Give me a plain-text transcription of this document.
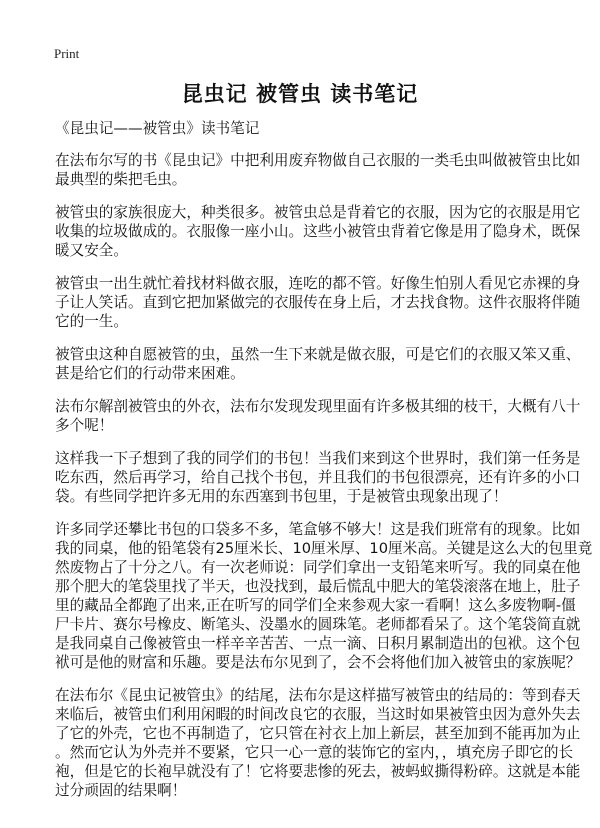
Print
昆虫记 被管虫 读书笔记
《昆虫记——被管虫》读书笔记
在法布尔写的书《昆虫记》中把利用废弃物做自己衣服的一类毛虫叫做被管虫比如
最典型的柴把毛虫。
被管虫的家族很庞大，种类很多。被管虫总是背着它的衣服，因为它的衣服是用它
收集的垃圾做成的。衣服像一座小山。这些小被管虫背着它像是用了隐身术，既保
暖又安全。
被管虫一出生就忙着找材料做衣服，连吃的都不管。好像生怕别人看见它赤裸的身
子让人笑话。直到它把加紧做完的衣服传在身上后，才去找食物。这件衣服将伴随
它的一生。
被管虫这种自愿被管的虫，虽然一生下来就是做衣服，可是它们的衣服又笨又重、
甚是给它们的行动带来困难。
法布尔解剖被管虫的外衣，法布尔发现发现里面有许多极其细的枝干，大概有八十
多个呢！
这样我一下子想到了我的同学们的书包！当我们来到这个世界时，我们第一任务是
吃东西，然后再学习，给自己找个书包，并且我们的书包很漂亮，还有许多的小口
袋。有些同学把许多无用的东西塞到书包里，于是被管虫现象出现了！
许多同学还攀比书包的口袋多不多，笔盒够不够大！这是我们班常有的现象。比如
我的同桌，他的铅笔袋有25厘米长、10厘米厚、10厘米高。关键是这么大的包里竟
然废物占了十分之八。有一次老师说：同学们拿出一支铅笔来听写。我的同桌在他
那个肥大的笔袋里找了半天，也没找到，最后慌乱中肥大的笔袋滚落在地上，肚子
里的藏品全都跑了出来,正在听写的同学们全来参观大家一看啊！这么多废物啊-僵
尸卡片、赛尔号橡皮、断笔头、没墨水的圆珠笔。老师都看呆了。这个笔袋简直就
是我同桌自己像被管虫一样辛辛苦苦、一点一滴、日积月累制造出的包袱。这个包
袱可是他的财富和乐趣。要是法布尔见到了，会不会将他们加入被管虫的家族呢？
在法布尔《昆虫记被管虫》的结尾，法布尔是这样描写被管虫的结局的：等到春天
来临后，被管虫们利用闲暇的时间改良它的衣服，当这时如果被管虫因为意外失去
了它的外壳，它也不再制造了，它只管在衬衣上加上新层，甚至加到不能再加为止
。然而它认为外壳并不要紧，它只一心一意的装饰它的室内，，填充房子即它的长
袍，但是它的长袍早就没有了！它将要悲惨的死去，被蚂蚁撕得粉碎。这就是本能
过分顽固的结果啊！
